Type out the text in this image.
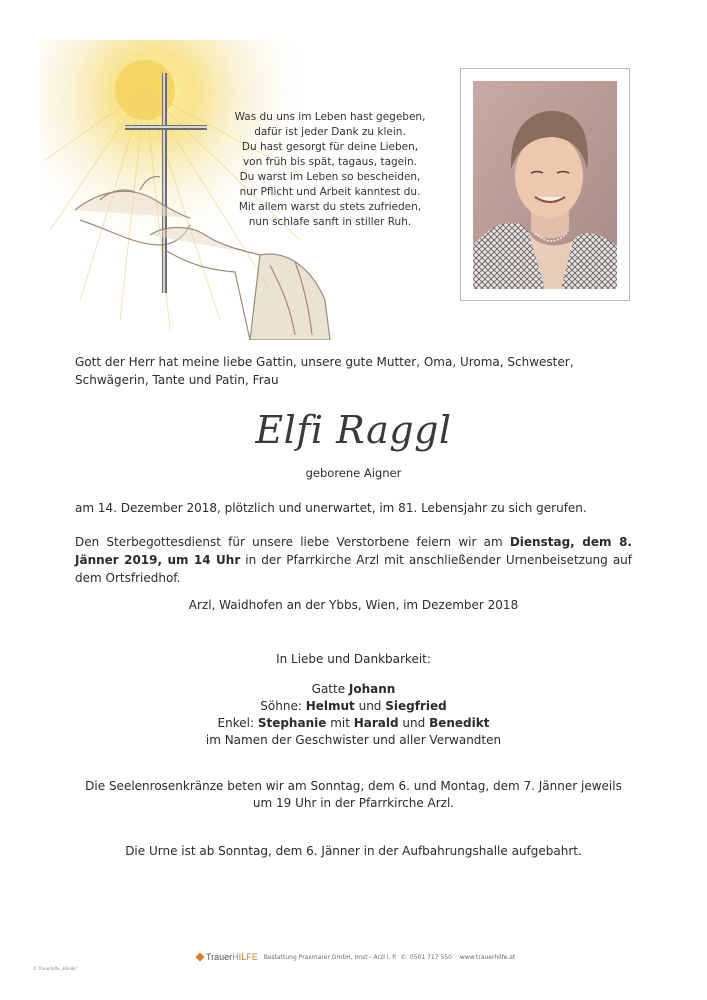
Was du uns im Leben hast gegeben,
dafür ist jeder Dank zu klein.
Du hast gesorgt für deine Lieben,
von früh bis spät, tagaus, tagein.
Du warst im Leben so bescheiden,
nur Pflicht und Arbeit kanntest du.
Mit allem warst du stets zufrieden,
nun schlafe sanft in stiller Ruh.
Gott der Herr hat meine liebe Gattin, unsere gute Mutter, Oma, Uroma, Schwester, Schwägerin, Tante und Patin, Frau
Elfi Raggl
geborene Aigner
am 14. Dezember 2018, plötzlich und unerwartet, im 81. Lebensjahr zu sich gerufen.
Den Sterbegottesdienst für unsere liebe Verstorbene feiern wir am Dienstag, dem 8. Jänner 2019, um 14 Uhr in der Pfarrkirche Arzl mit anschließender Urnenbeisetzung auf dem Ortsfriedhof.
Arzl, Waidhofen an der Ybbs, Wien, im Dezember 2018
In Liebe und Dankbarkeit:
Gatte Johann
Söhne: Helmut und Siegfried
Enkel: Stephanie mit Harald und Benedikt
im Namen der Geschwister und aller Verwandten
Die Seelenrosenkränze beten wir am Sonntag, dem 6. und Montag, dem 7. Jänner jeweils
um 19 Uhr in der Pfarrkirche Arzl.
Die Urne ist ab Sonntag, dem 6. Jänner in der Aufbahrungshalle aufgebahrt.
TrauerHILFE Bestattung Praxmarer GmbH, Imst - Arzl i. P. ✆ 0501 717 550 www.trauerhilfe.at
© Trauerhilfe „Hände“
